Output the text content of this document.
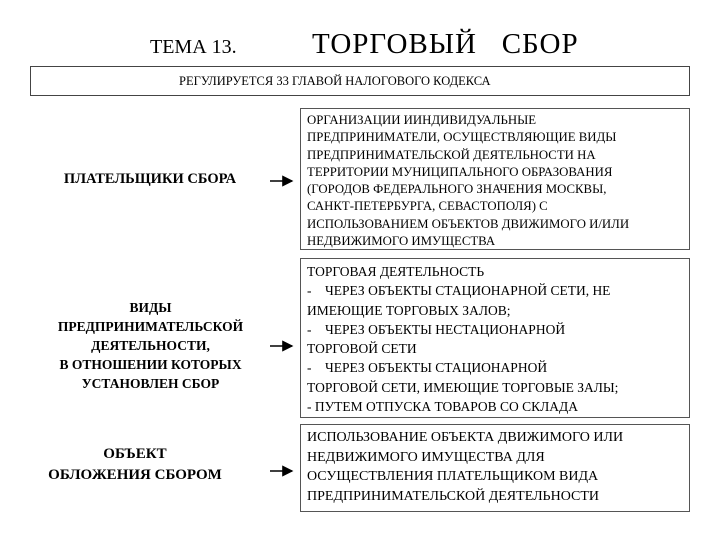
ТЕМА 13.	ТОРГОВЫЙ   СБОР
РЕГУЛИРУЕТСЯ 33 ГЛАВОЙ НАЛОГОВОГО КОДЕКСА
ПЛАТЕЛЬЩИКИ СБОРА
ОРГАНИЗАЦИИ ИИНДИВИДУАЛЬНЫЕ
ПРЕДПРИНИМАТЕЛИ, ОСУЩЕСТВЛЯЮЩИЕ ВИДЫ
ПРЕДПРИНИМАТЕЛЬСКОЙ ДЕЯТЕЛЬНОСТИ НА
ТЕРРИТОРИИ МУНИЦИПАЛЬНОГО ОБРАЗОВАНИЯ
(ГОРОДОВ ФЕДЕРАЛЬНОГО ЗНАЧЕНИЯ МОСКВЫ,
САНКТ-ПЕТЕРБУРГА, СЕВАСТОПОЛЯ) С
ИСПОЛЬЗОВАНИЕМ ОБЪЕКТОВ ДВИЖИМОГО И/ИЛИ
НЕДВИЖИМОГО ИМУЩЕСТВА
ВИДЫ
ПРЕДПРИНИМАТЕЛЬСКОЙ
ДЕЯТЕЛЬНОСТИ,
В ОТНОШЕНИИ КОТОРЫХ
УСТАНОВЛЕН СБОР
ТОРГОВАЯ ДЕЯТЕЛЬНОСТЬ
-    ЧЕРЕЗ ОБЪЕКТЫ СТАЦИОНАРНОЙ СЕТИ, НЕ
ИМЕЮЩИЕ ТОРГОВЫХ ЗАЛОВ;
-    ЧЕРЕЗ ОБЪЕКТЫ НЕСТАЦИОНАРНОЙ
ТОРГОВОЙ СЕТИ
-    ЧЕРЕЗ ОБЪЕКТЫ СТАЦИОНАРНОЙ
ТОРГОВОЙ СЕТИ, ИМЕЮЩИЕ ТОРГОВЫЕ ЗАЛЫ;
- ПУТЕМ ОТПУСКА ТОВАРОВ СО СКЛАДА
ОБЪЕКТ
ОБЛОЖЕНИЯ СБОРОМ
ИСПОЛЬЗОВАНИЕ ОБЪЕКТА ДВИЖИМОГО ИЛИ
НЕДВИЖИМОГО ИМУЩЕСТВА ДЛЯ
ОСУЩЕСТВЛЕНИЯ ПЛАТЕЛЬЩИКОМ ВИДА
ПРЕДПРИНИМАТЕЛЬСКОЙ ДЕЯТЕЛЬНОСТИ
